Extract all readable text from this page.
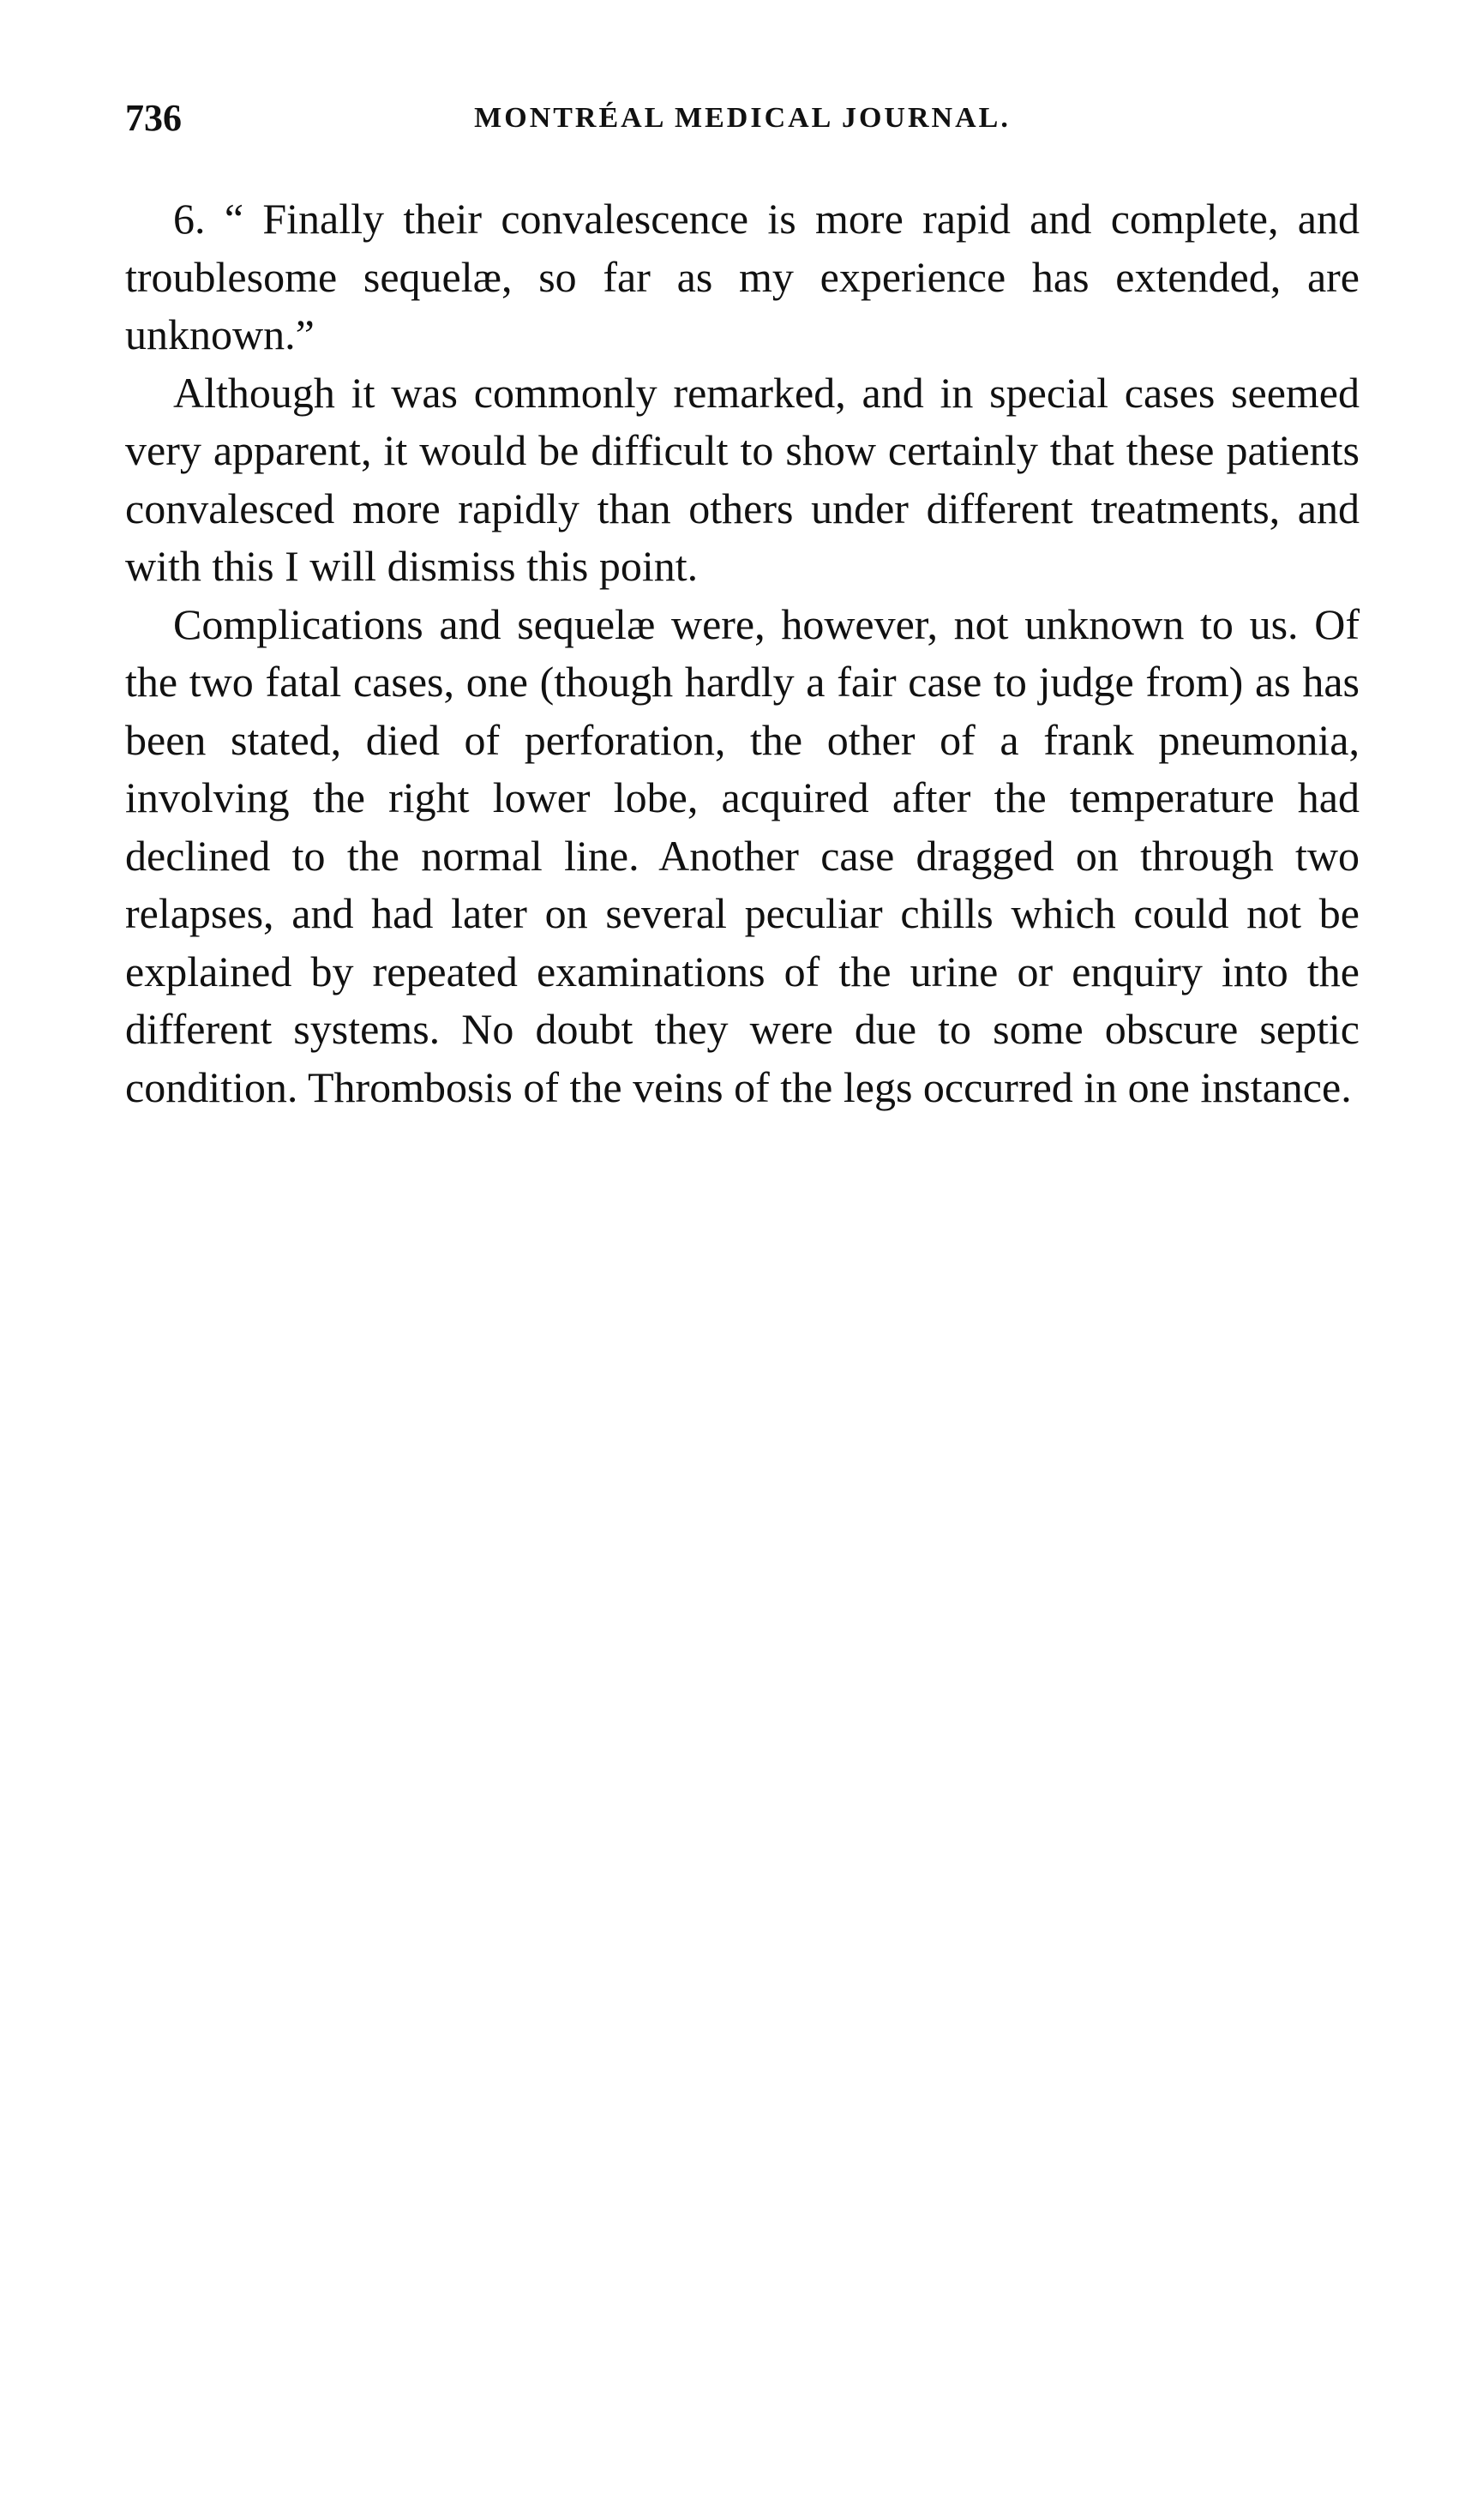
736	MONTRÉAL MEDICAL JOURNAL.

6. “ Finally their convalescence is more rapid and complete, and troublesome sequelæ, so far as my experience has extended, are unknown.”

Although it was commonly remarked, and in special cases seemed very apparent, it would be difficult to show certainly that these patients convalesced more rapidly than others under different treatments, and with this I will dismiss this point.

Complications and sequelæ were, however, not unknown to us. Of the two fatal cases, one (though hardly a fair case to judge from) as has been stated, died of perforation, the other of a frank pneumonia, involving the right lower lobe, acquired after the temperature had declined to the normal line. Another case dragged on through two relapses, and had later on several peculiar chills which could not be explained by repeated examinations of the urine or enquiry into the different systems. No doubt they were due to some obscure septic condition. Thrombosis of the veins of the legs occurred in one instance.
